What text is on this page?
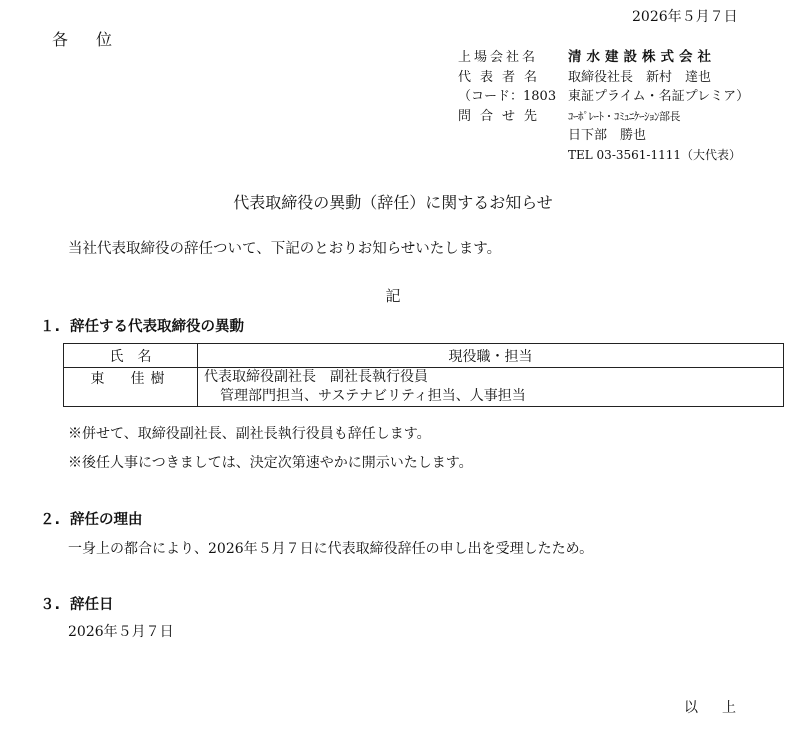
2026年５月７日
各位
上場会社名	清水建設株式会社
代表者名	取締役社長　新村　達也
（コード：1803 東証プライム・名証プレミア）
問合せ先	ｺｰﾎﾟﾚｰﾄ・ｺﾐｭﾆｹｰｼｮﾝ部長
日下部　勝也
TEL 03-3561-1111（大代表）
代表取締役の異動（辞任）に関するお知らせ
当社代表取締役の辞任ついて、下記のとおりお知らせいたします。
記
１. 辞任する代表取締役の異動
氏　名	現役職・担当
東　佳樹	代表取締役副社長　副社長執行役員
管理部門担当、サステナビリティ担当、人事担当
※併せて、取締役副社長、副社長執行役員も辞任します。
※後任人事につきましては、決定次第速やかに開示いたします。
２. 辞任の理由
一身上の都合により、2026年５月７日に代表取締役辞任の申し出を受理したため。
３. 辞任日
2026年５月７日
以上
